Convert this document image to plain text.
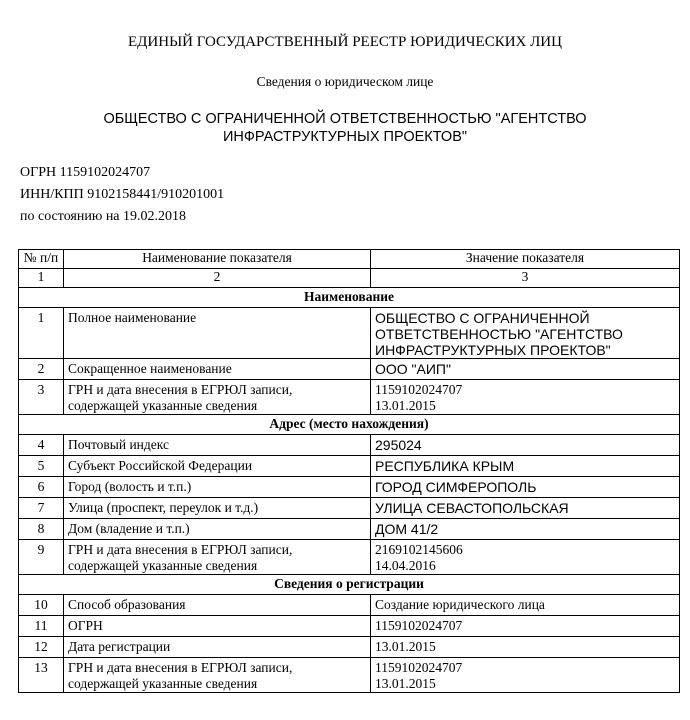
ЕДИНЫЙ ГОСУДАРСТВЕННЫЙ РЕЕСТР ЮРИДИЧЕСКИХ ЛИЦ
Сведения о юридическом лице
ОБЩЕСТВО С ОГРАНИЧЕННОЙ ОТВЕТСТВЕННОСТЬЮ "АГЕНТСТВО
ИНФРАСТРУКТУРНЫХ ПРОЕКТОВ"
ОГРН 1159102024707
ИНН/КПП 9102158441/910201001
по состоянию на 19.02.2018
№ п/п	Наименование показателя	Значение показателя
1	2	3
Наименование		
1	Полное наименование	ОБЩЕСТВО С ОГРАНИЧЕННОЙ
ОТВЕТСТВЕННОСТЬЮ "АГЕНТСТВО
ИНФРАСТРУКТУРНЫХ ПРОЕКТОВ"

2	Сокращенное наименование	ООО "АИП"

3	ГРН и дата внесения в ЕГРЮЛ записи,
содержащей указанные сведения	1159102024707
13.01.2015

Адрес (место нахождения)		
4	Почтовый индекс	295024

5	Субъект Российской Федерации	РЕСПУБЛИКА КРЫМ

6	Город (волость и т.п.)	ГОРОД СИМФЕРОПОЛЬ

7	Улица (проспект, переулок и т.д.)	УЛИЦА СЕВАСТОПОЛЬСКАЯ

8	Дом (владение и т.п.)	ДОМ 41/2

9	ГРН и дата внесения в ЕГРЮЛ записи,
содержащей указанные сведения	2169102145606
14.04.2016

Сведения о регистрации		
10	Способ образования	Создание юридического лица

11	ОГРН	1159102024707

12	Дата регистрации	13.01.2015

13	ГРН и дата внесения в ЕГРЮЛ записи,
содержащей указанные сведения	1159102024707
13.01.2015
